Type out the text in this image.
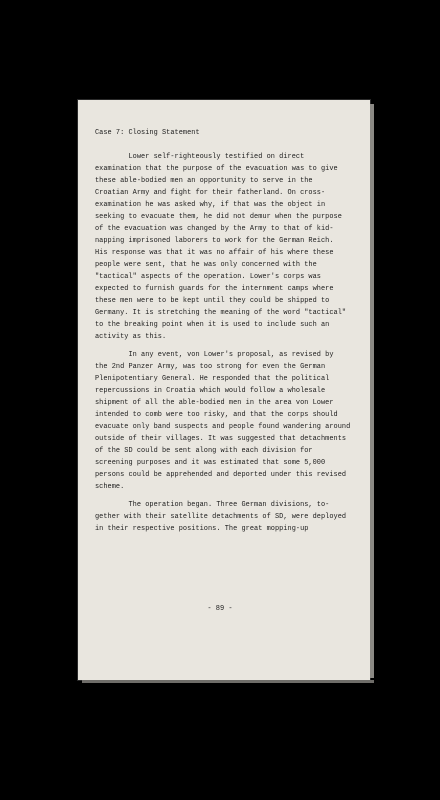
Case 7: Closing Statement
Lower self-righteously testified on direct
examination that the purpose of the evacuation was to give
these able-bodied men an opportunity to serve in the
Croatian Army and fight for their fatherland. On cross-
examination he was asked why, if that was the object in
seeking to evacuate them, he did not demur when the purpose
of the evacuation was changed by the Army to that of kid-
napping imprisoned laborers to work for the German Reich.
His response was that it was no affair of his where these
people were sent, that he was only concerned with the
"tactical" aspects of the operation. Lower's corps was
expected to furnish guards for the internment camps where
these men were to be kept until they could be shipped to
Germany. It is stretching the meaning of the word "tactical"
to the breaking point when it is used to include such an
activity as this.
In any event, von Lower's proposal, as revised by
the 2nd Panzer Army, was too strong for even the German
Plenipotentiary General. He responded that the political
repercussions in Croatia which would follow a wholesale
shipment of all the able-bodied men in the area von Lower
intended to comb were too risky, and that the corps should
evacuate only band suspects and people found wandering around
outside of their villages. It was suggested that detachments
of the SD could be sent along with each division for
screening purposes and it was estimated that some 5,000
persons could be apprehended and deported under this revised
scheme.
The operation began. Three German divisions, to-
gether with their satellite detachments of SD, were deployed
in their respective positions. The great mopping-up
- 89 -
